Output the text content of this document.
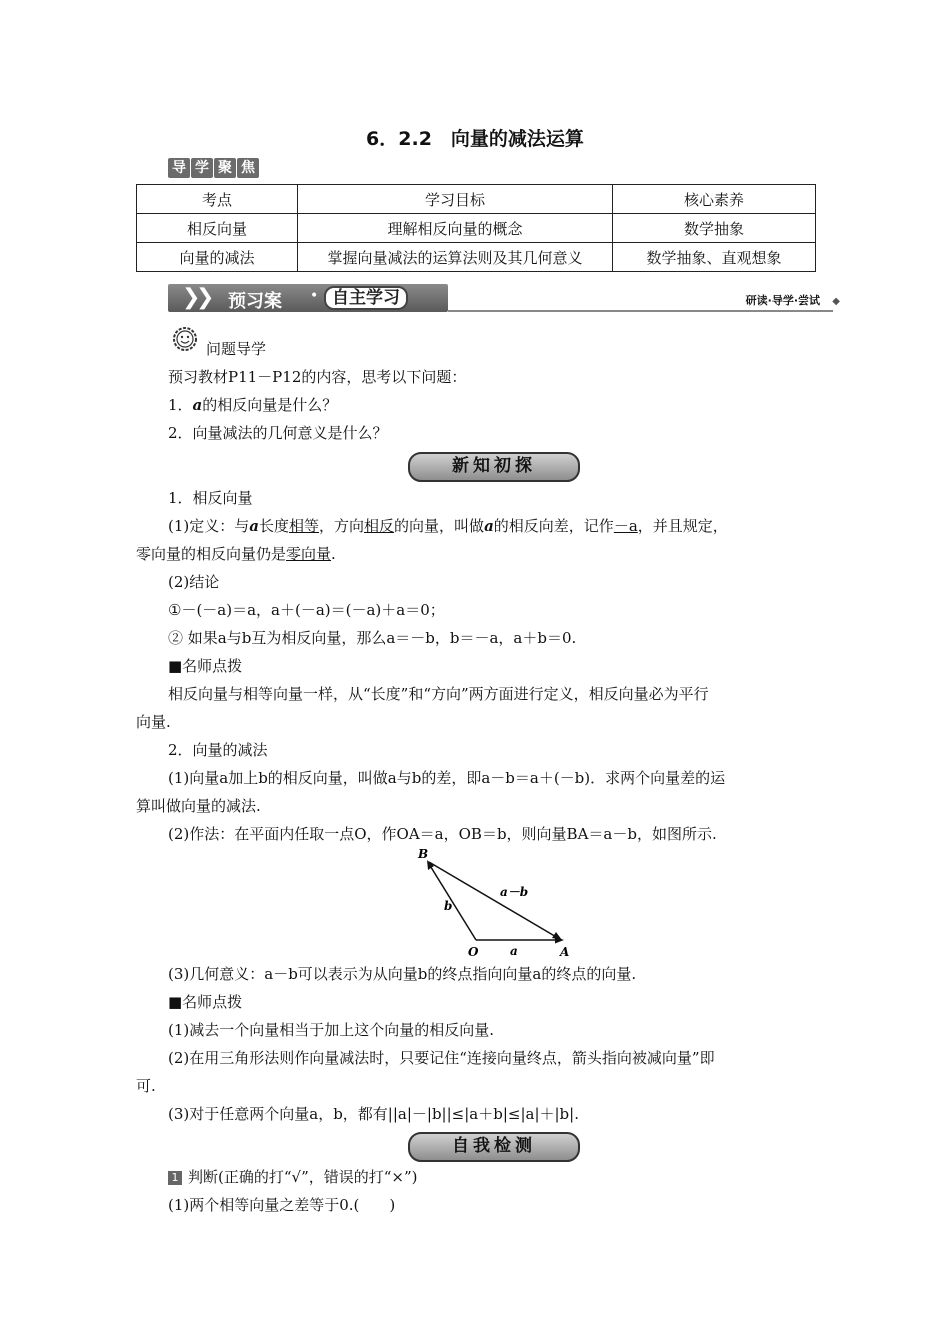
6．2.2　向量的减法运算
导 学 聚 焦
考点	学习目标	核心素养
相反向量	理解相反向量的概念	数学抽象
向量的减法	掌握向量减法的运算法则及其几何意义	数学抽象、直观想象
❯
❯ 预习案 • 自主学习	研读·导学·尝试 ◆
问题导学
预习教材P11－P12的内容，思考以下问题：
1．a的相反向量是什么？
2．向量减法的几何意义是什么？
新知初探
1．相反向量
(1)定义：与a长度相等，方向相反的向量，叫做a的相反向差，记作－a，并且规定，
零向量的相反向量仍是零向量.
(2)结论
①－(－a)＝a，a＋(－a)＝(－a)＋a＝0；
② 如果a与b互为相反向量，那么a＝－b，b＝－a，a＋b＝0.
■名师点拨
相反向量与相等向量一样，从“长度”和“方向”两方面进行定义，相反向量必为平行
向量.
2．向量的减法
(1)向量a加上b的相反向量，叫做a与b的差，即a－b＝a＋(－b)．求两个向量差的运
算叫做向量的减法.
(2)作法：在平面内任取一点O，作OA＝a，OB＝b，则向量BA＝a－b，如图所示.
B
O	A
a
b
a－b
(3)几何意义：a－b可以表示为从向量b的终点指向向量a的终点的向量.
■名师点拨
(1)减去一个向量相当于加上这个向量的相反向量.
(2)在用三角形法则作向量减法时，只要记住“连接向量终点，箭头指向被减向量”即
可.
(3)对于任意两个向量a，b，都有||a|－|b||≤|a＋b|≤|a|＋|b|.
自我检测
1 判断(正确的打“√”，错误的打“×”)
(1)两个相等向量之差等于0.(　　)
